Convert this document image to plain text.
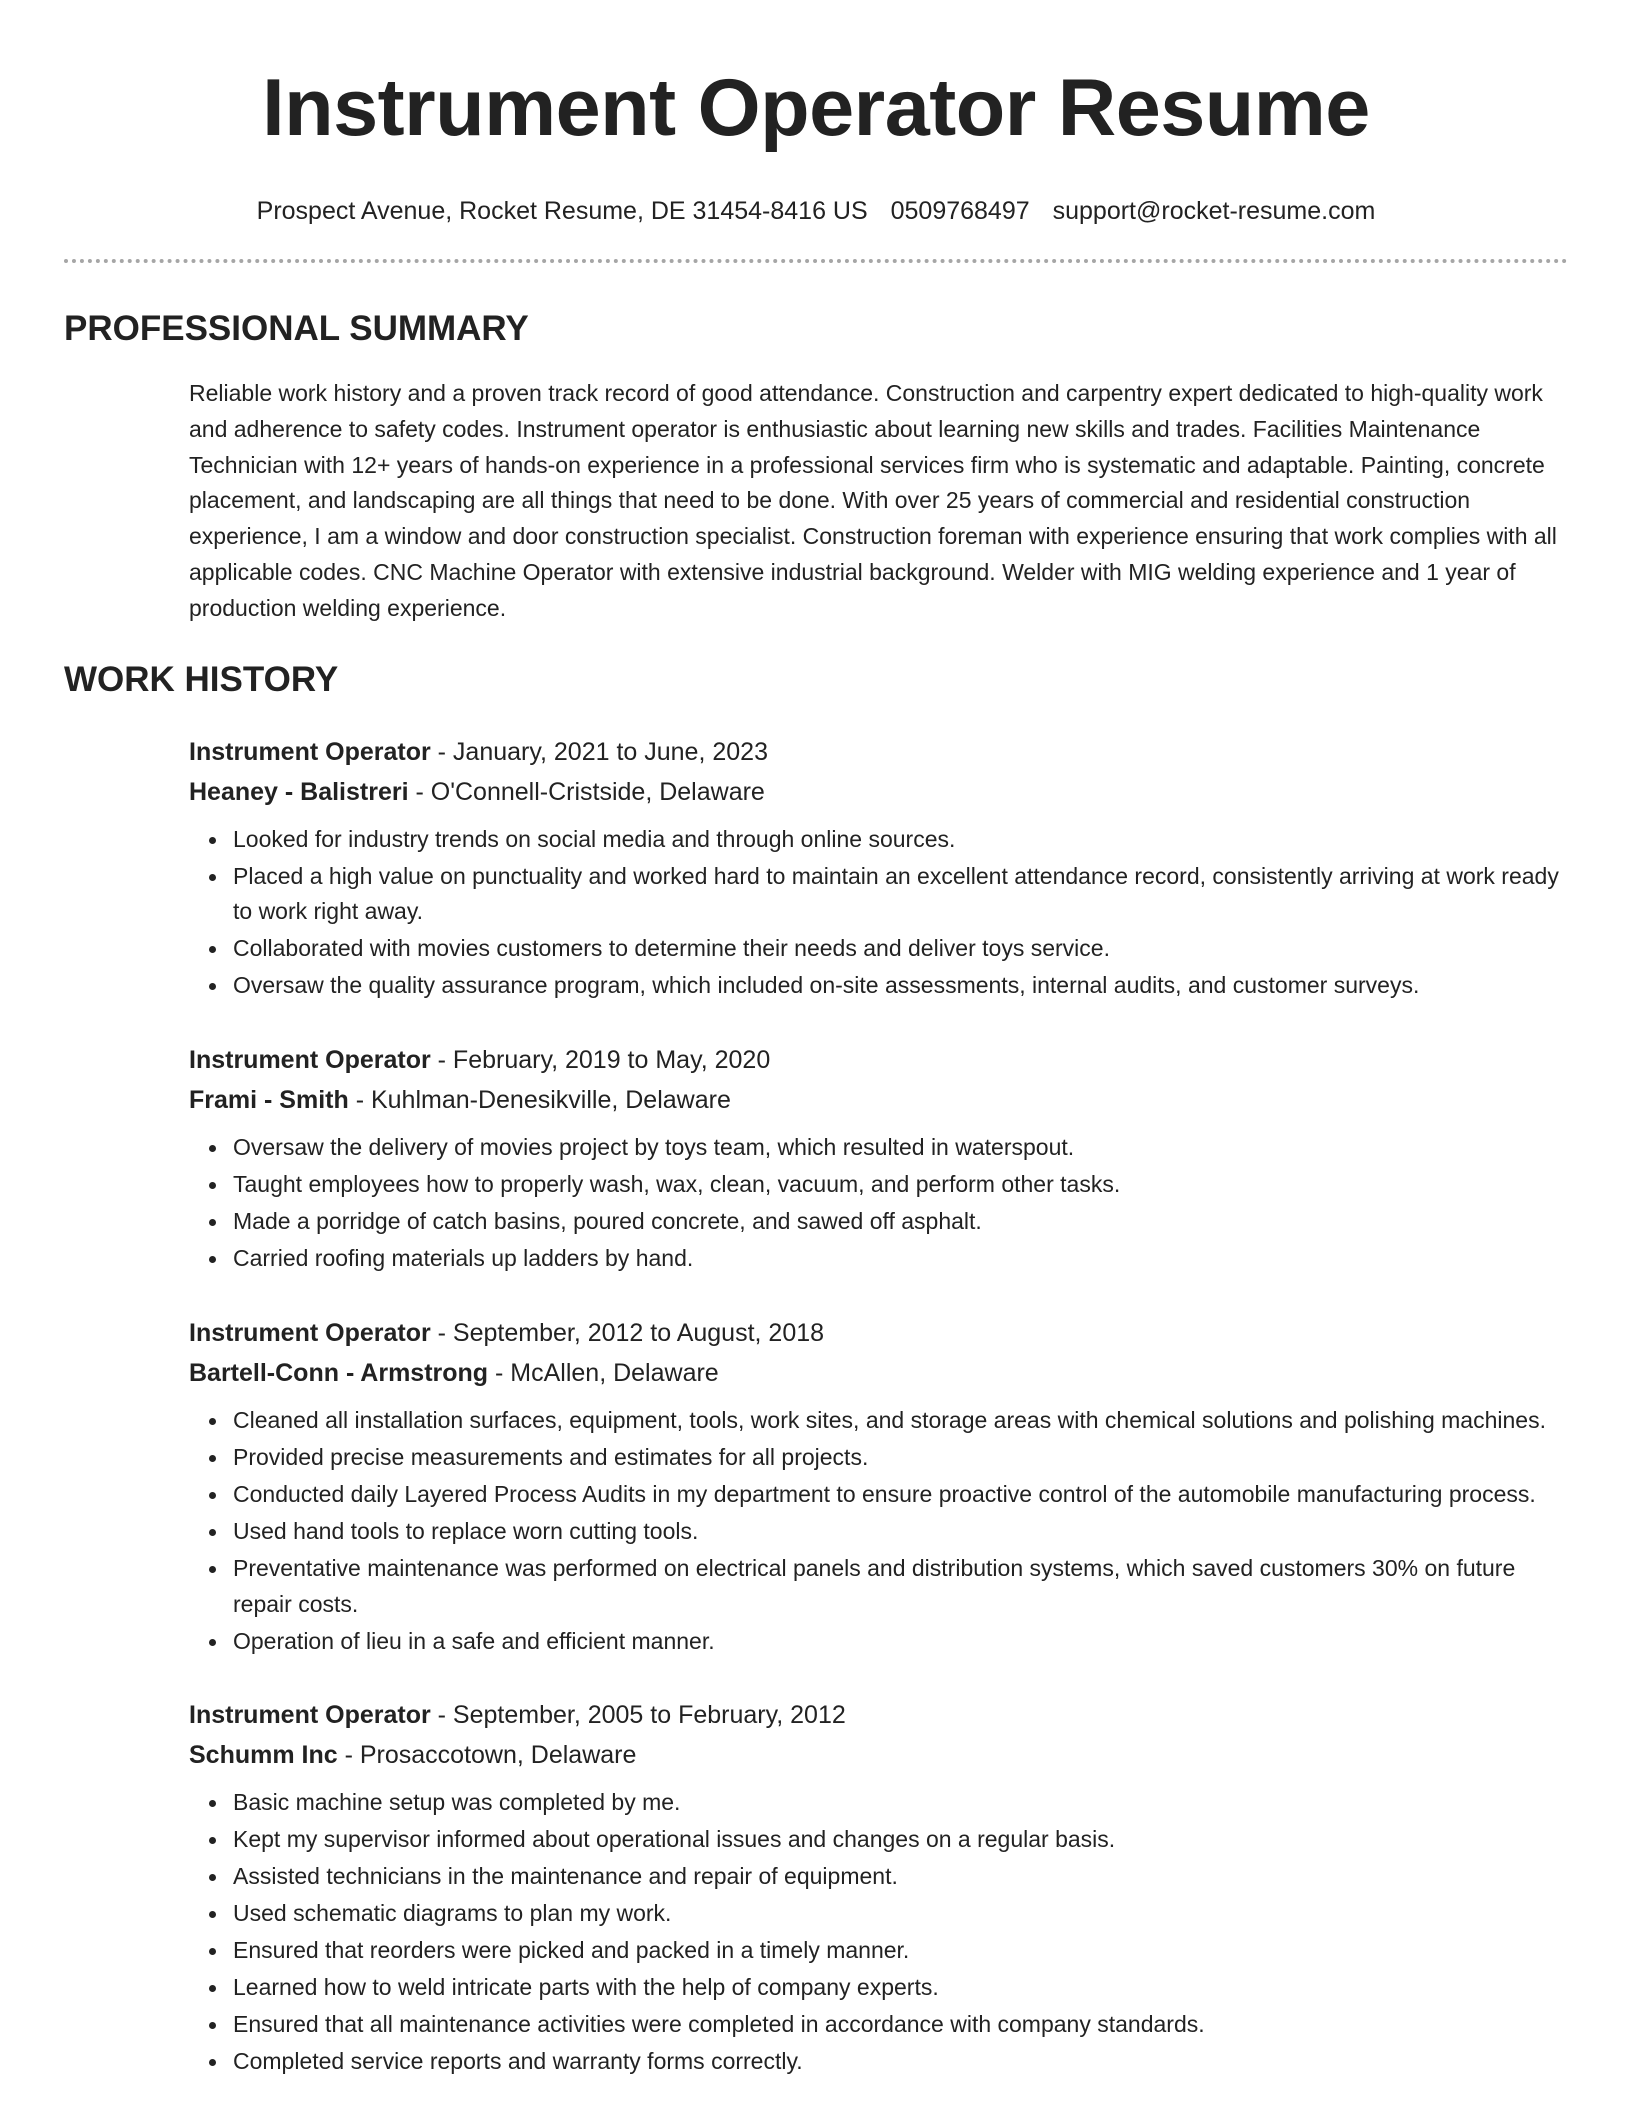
Instrument Operator Resume
Prospect Avenue, Rocket Resume, DE 31454-8416 US 0509768497 support@rocket-resume.com
PROFESSIONAL SUMMARY
Reliable work history and a proven track record of good attendance. Construction and carpentry expert dedicated to high-quality work and adherence to safety codes. Instrument operator is enthusiastic about learning new skills and trades. Facilities Maintenance Technician with 12+ years of hands-on experience in a professional services firm who is systematic and adaptable. Painting, concrete placement, and landscaping are all things that need to be done. With over 25 years of commercial and residential construction experience, I am a window and door construction specialist. Construction foreman with experience ensuring that work complies with all applicable codes. CNC Machine Operator with extensive industrial background. Welder with MIG welding experience and 1 year of production welding experience.
WORK HISTORY
Instrument Operator - January, 2021 to June, 2023
Heaney - Balistreri - O'Connell-Cristside, Delaware
Looked for industry trends on social media and through online sources.
Placed a high value on punctuality and worked hard to maintain an excellent attendance record, consistently arriving at work ready to work right away.
Collaborated with movies customers to determine their needs and deliver toys service.
Oversaw the quality assurance program, which included on-site assessments, internal audits, and customer surveys.
Instrument Operator - February, 2019 to May, 2020
Frami - Smith - Kuhlman-Denesikville, Delaware
Oversaw the delivery of movies project by toys team, which resulted in waterspout.
Taught employees how to properly wash, wax, clean, vacuum, and perform other tasks.
Made a porridge of catch basins, poured concrete, and sawed off asphalt.
Carried roofing materials up ladders by hand.
Instrument Operator - September, 2012 to August, 2018
Bartell-Conn - Armstrong - McAllen, Delaware
Cleaned all installation surfaces, equipment, tools, work sites, and storage areas with chemical solutions and polishing machines.
Provided precise measurements and estimates for all projects.
Conducted daily Layered Process Audits in my department to ensure proactive control of the automobile manufacturing process.
Used hand tools to replace worn cutting tools.
Preventative maintenance was performed on electrical panels and distribution systems, which saved customers 30% on future repair costs.
Operation of lieu in a safe and efficient manner.
Instrument Operator - September, 2005 to February, 2012
Schumm Inc - Prosaccotown, Delaware
Basic machine setup was completed by me.
Kept my supervisor informed about operational issues and changes on a regular basis.
Assisted technicians in the maintenance and repair of equipment.
Used schematic diagrams to plan my work.
Ensured that reorders were picked and packed in a timely manner.
Learned how to weld intricate parts with the help of company experts.
Ensured that all maintenance activities were completed in accordance with company standards.
Completed service reports and warranty forms correctly.
